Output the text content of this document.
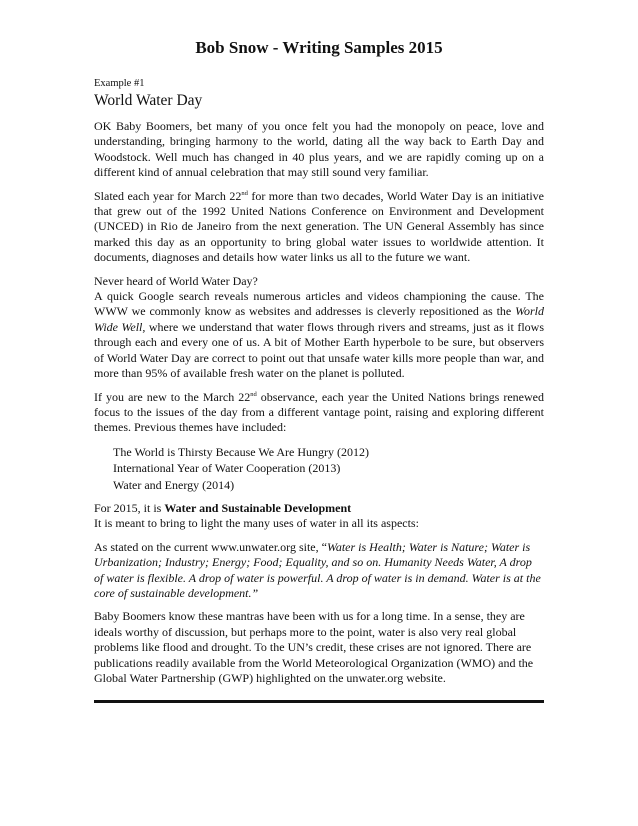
Bob Snow - Writing Samples 2015
Example #1
World Water Day

OK Baby Boomers, bet many of you once felt you had the monopoly on peace, love and understanding, bringing harmony to the world, dating all the way back to Earth Day and Woodstock. Well much has changed in 40 plus years, and we are rapidly coming up on a different kind of annual celebration that may still sound very familiar.

Slated each year for March 22nd for more than two decades, World Water Day is an initiative that grew out of the 1992 United Nations Conference on Environment and Development (UNCED) in Rio de Janeiro from the next generation. The UN General Assembly has since marked this day as an opportunity to bring global water issues to worldwide attention. It documents, diagnoses and details how water links us all to the future we want.

Never heard of World Water Day?
A quick Google search reveals numerous articles and videos championing the cause. The WWW we commonly know as websites and addresses is cleverly repositioned as the World Wide Well, where we understand that water flows through rivers and streams, just as it flows through each and every one of us. A bit of Mother Earth hyperbole to be sure, but observers of World Water Day are correct to point out that unsafe water kills more people than war, and more than 95% of available fresh water on the planet is polluted.

If you are new to the March 22nd observance, each year the United Nations brings renewed focus to the issues of the day from a different vantage point, raising and exploring different themes. Previous themes have included:

The World is Thirsty Because We Are Hungry (2012)
International Year of Water Cooperation (2013)
Water and Energy (2014)

For 2015, it is Water and Sustainable Development
It is meant to bring to light the many uses of water in all its aspects:

As stated on the current www.unwater.org site, “Water is Health; Water is Nature; Water is Urbanization; Industry; Energy; Food; Equality, and so on. Humanity Needs Water, A drop of water is flexible. A drop of water is powerful. A drop of water is in demand. Water is at the core of sustainable development.”

Baby Boomers know these mantras have been with us for a long time. In a sense, they are ideals worthy of discussion, but perhaps more to the point, water is also very real global problems like flood and drought. To the UN’s credit, these crises are not ignored. There are publications readily available from the World Meteorological Organization (WMO) and the Global Water Partnership (GWP) highlighted on the unwater.org website.
